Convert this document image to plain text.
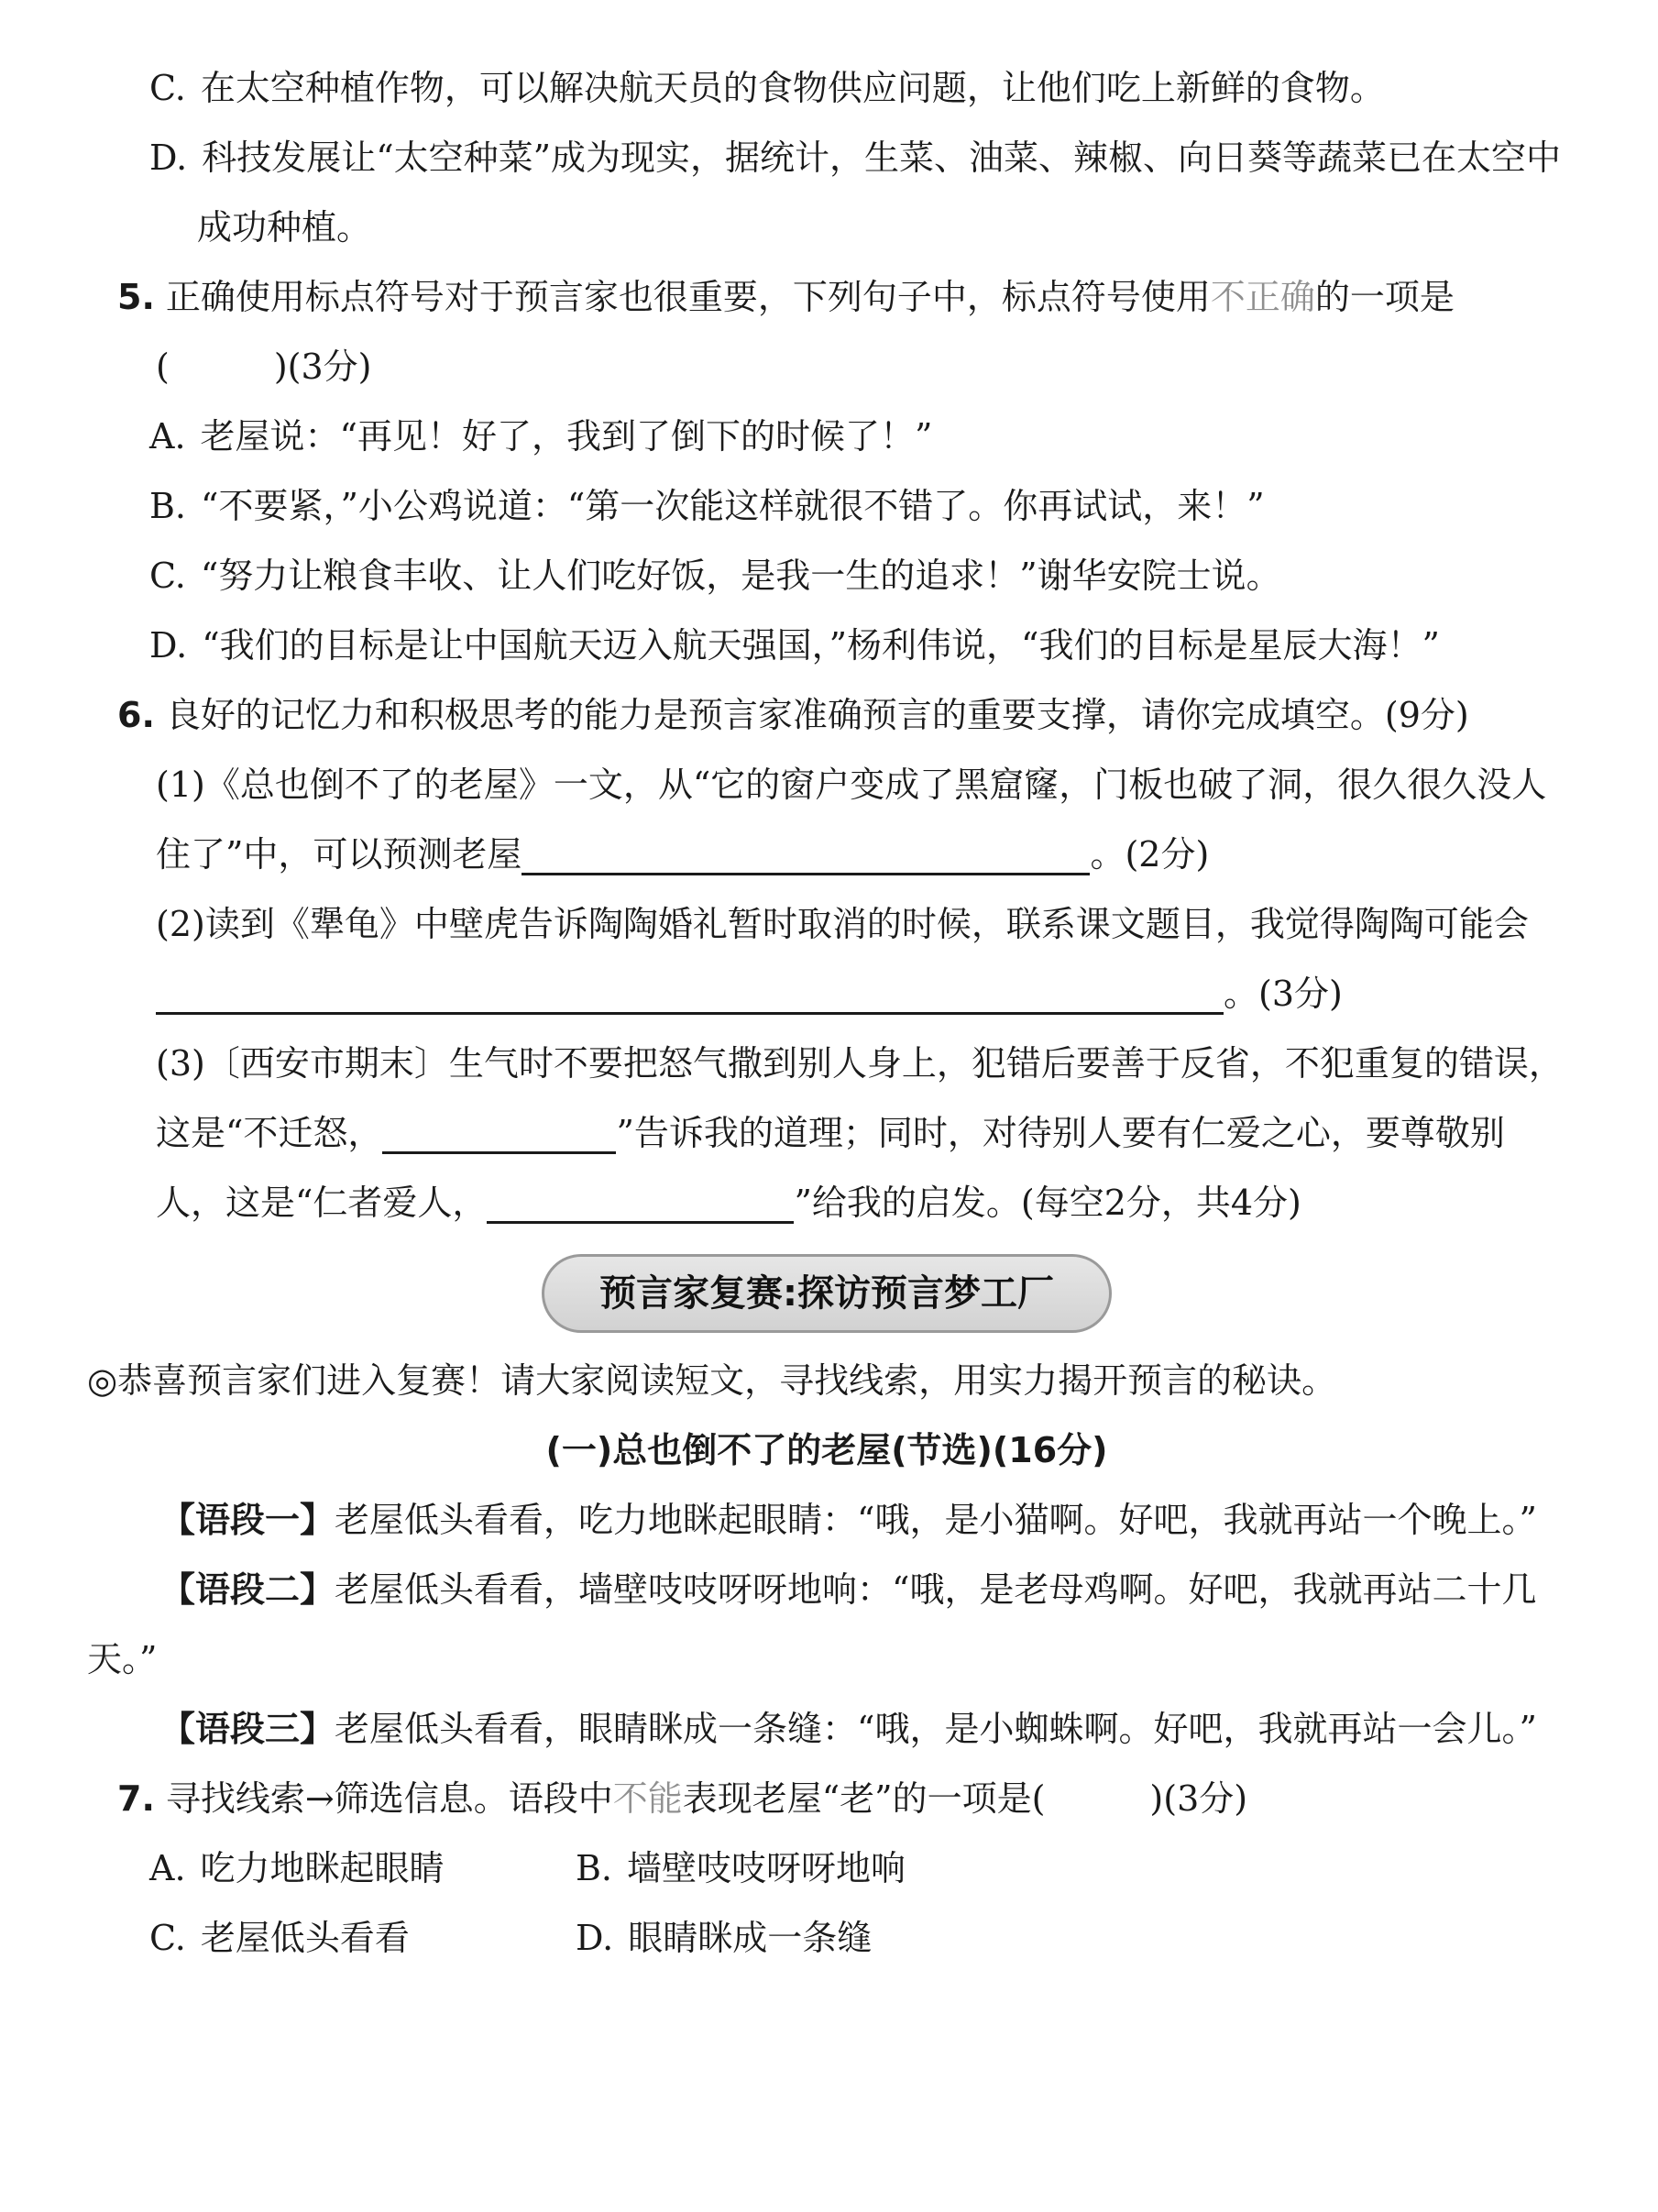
C. 在太空种植作物，可以解决航天员的食物供应问题，让他们吃上新鲜的食物。
D. 科技发展让“太空种菜”成为现实，据统计，生菜、油菜、辣椒、向日葵等蔬菜已在太空中成功种植。
5. 正确使用标点符号对于预言家也很重要，下列句子中，标点符号使用不正确的一项是(　　　)(3分)
A. 老屋说：“再见！好了，我到了倒下的时候了！”
B. “不要紧，”小公鸡说道：“第一次能这样就很不错了。你再试试，来！”
C. “努力让粮食丰收、让人们吃好饭，是我一生的追求！”谢华安院士说。
D. “我们的目标是让中国航天迈入航天强国，”杨利伟说，“我们的目标是星辰大海！”
6. 良好的记忆力和积极思考的能力是预言家准确预言的重要支撑，请你完成填空。(9分)
(1)《总也倒不了的老屋》一文，从“它的窗户变成了黑窟窿，门板也破了洞，很久很久没人住了”中，可以预测老屋	。(2分)
(2)读到《犟龟》中壁虎告诉陶陶婚礼暂时取消的时候，联系课文题目，我觉得陶陶可能会。(3分)
(3)〔西安市期末〕生气时不要把怒气撒到别人身上，犯错后要善于反省，不犯重复的错误，这是“不迁怒，	”告诉我的道理；同时，对待别人要有仁爱之心，要尊敬别人，这是“仁者爱人，	”给我的启发。(每空2分，共4分)
预言家复赛:探访预言梦工厂
◎恭喜预言家们进入复赛！请大家阅读短文，寻找线索，用实力揭开预言的秘诀。
(一)总也倒不了的老屋(节选)(16分)
【语段一】老屋低头看看，吃力地眯起眼睛：“哦，是小猫啊。好吧，我就再站一个晚上。”
【语段二】老屋低头看看，墙壁吱吱呀呀地响：“哦，是老母鸡啊。好吧，我就再站二十几天。”
【语段三】老屋低头看看，眼睛眯成一条缝：“哦，是小蜘蛛啊。好吧，我就再站一会儿。”
7. 寻找线索→筛选信息。语段中不能表现老屋“老”的一项是(　　　)(3分)
A. 吃力地眯起眼睛	B. 墙壁吱吱呀呀地响
C. 老屋低头看看	D. 眼睛眯成一条缝
